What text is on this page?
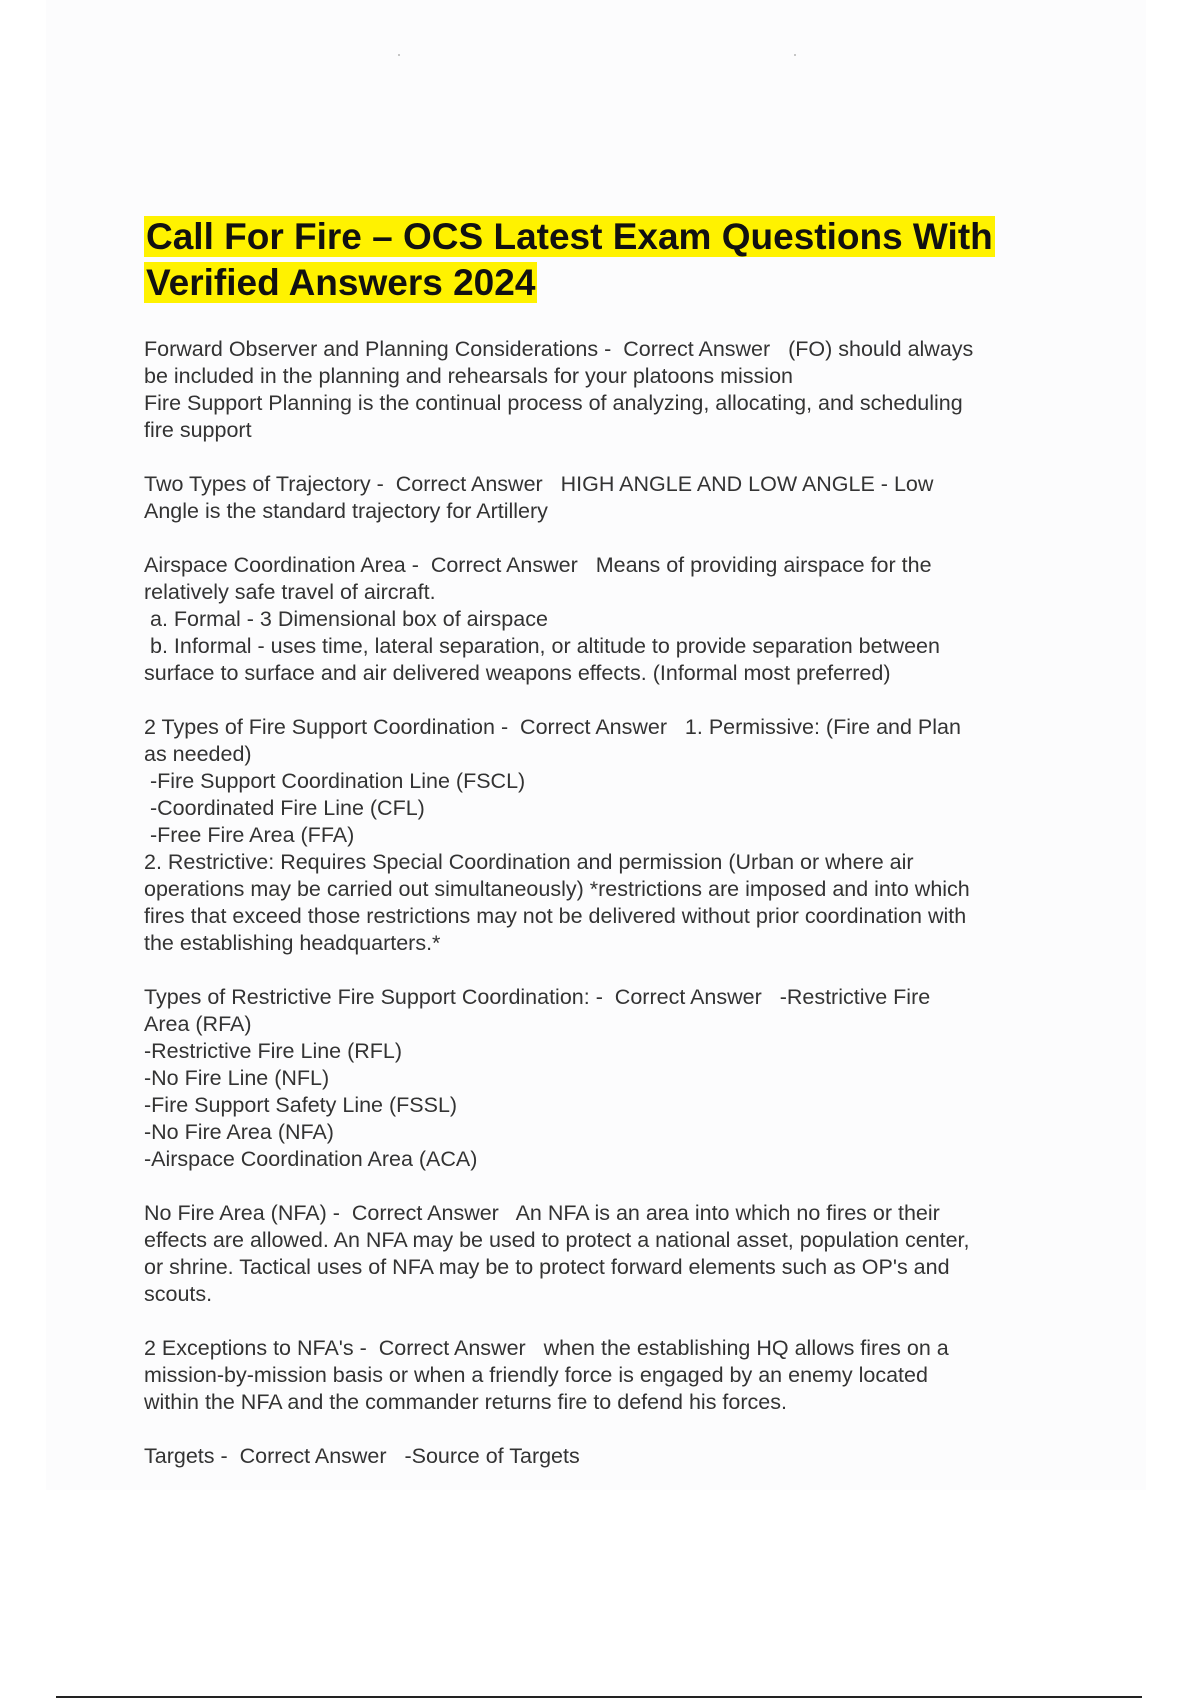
Call For Fire – OCS Latest Exam Questions With
Verified Answers 2024
Forward Observer and Planning Considerations -  Correct Answer   (FO) should always
be included in the planning and rehearsals for your platoons mission
Fire Support Planning is the continual process of analyzing, allocating, and scheduling
fire support
Two Types of Trajectory -  Correct Answer   HIGH ANGLE AND LOW ANGLE - Low
Angle is the standard trajectory for Artillery
Airspace Coordination Area -  Correct Answer   Means of providing airspace for the
relatively safe travel of aircraft.
a. Formal - 3 Dimensional box of airspace
b. Informal - uses time, lateral separation, or altitude to provide separation between
surface to surface and air delivered weapons effects. (Informal most preferred)
2 Types of Fire Support Coordination -  Correct Answer   1. Permissive: (Fire and Plan
as needed)
-Fire Support Coordination Line (FSCL)
-Coordinated Fire Line (CFL)
-Free Fire Area (FFA)
2. Restrictive: Requires Special Coordination and permission (Urban or where air
operations may be carried out simultaneously) *restrictions are imposed and into which
fires that exceed those restrictions may not be delivered without prior coordination with
the establishing headquarters.*
Types of Restrictive Fire Support Coordination: -  Correct Answer   -Restrictive Fire
Area (RFA)
-Restrictive Fire Line (RFL)
-No Fire Line (NFL)
-Fire Support Safety Line (FSSL)
-No Fire Area (NFA)
-Airspace Coordination Area (ACA)
No Fire Area (NFA) -  Correct Answer   An NFA is an area into which no fires or their
effects are allowed. An NFA may be used to protect a national asset, population center,
or shrine. Tactical uses of NFA may be to protect forward elements such as OP's and
scouts.
2 Exceptions to NFA's -  Correct Answer   when the establishing HQ allows fires on a
mission-by-mission basis or when a friendly force is engaged by an enemy located
within the NFA and the commander returns fire to defend his forces.
Targets -  Correct Answer   -Source of Targets
